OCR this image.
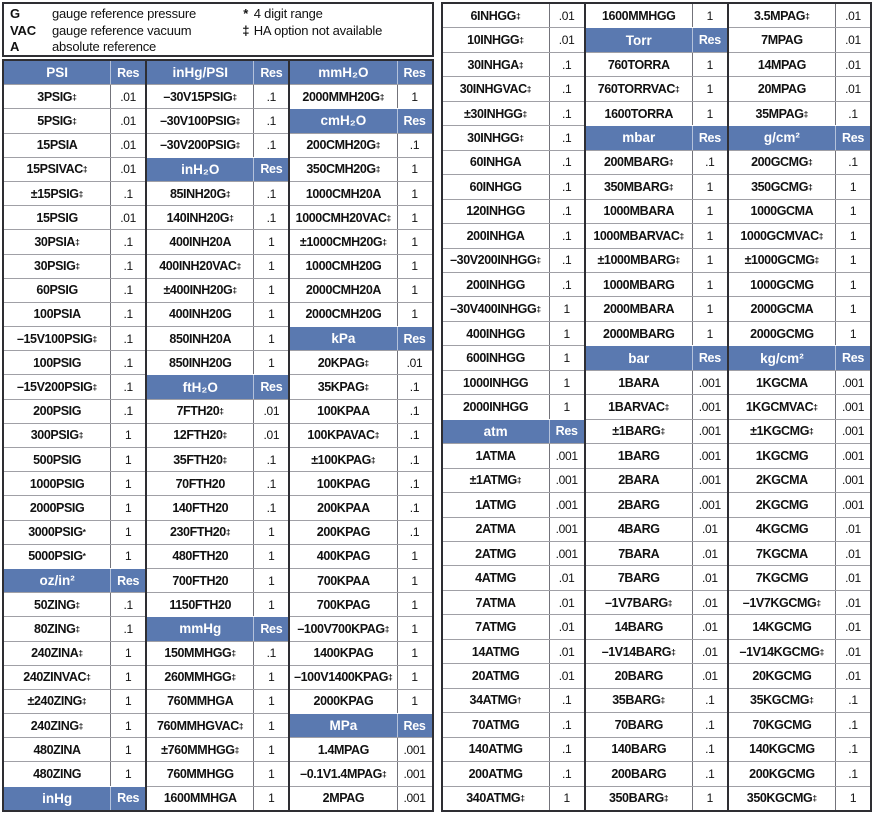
G	gauge reference pressure
VAC	gauge reference vacuum
A	absolute reference
* 4 digit range
‡ HA option not available
PSI	Res
3PSIG ‡	.01
5PSIG ‡	.01
15PSIA	.01
15PSIVAC ‡	.01
±15PSIG ‡	.1
15PSIG	.01
30PSIA ‡	.1
30PSIG ‡	.1
60PSIG	.1
100PSIA	.1
–15V100PSIG ‡	.1
100PSIG	.1
–15V200PSIG ‡	.1
200PSIG	.1
300PSIG ‡	1
500PSIG	1
1000PSIG	1
2000PSIG	1
3000PSIG *	1
5000PSIG *	1
oz/in²	Res
50ZING ‡	.1
80ZING ‡	.1
240ZINA ‡	1
240ZINVAC ‡	1
±240ZING ‡	1
240ZING ‡	1
480ZINA	1
480ZING	1
inHg	Res
inHg/PSI	Res
–30V15PSIG ‡	.1
–30V100PSIG ‡	.1
–30V200PSIG ‡	.1
inH₂O	Res
85INH20G ‡	.1
140INH20G ‡	.1
400INH20A	1
400INH20VAC ‡	1
±400INH20G ‡	1
400INH20G	1
850INH20A	1
850INH20G	1
ftH₂O	Res
7FTH20 ‡	.01
12FTH20 ‡	.01
35FTH20 ‡	.1
70FTH20	.1
140FTH20	.1
230FTH20 ‡	1
480FTH20	1
700FTH20	1
1150FTH20	1
mmHg	Res
150MMHGG ‡	.1
260MMHGG ‡	1
760MMHGA	1
760MMHGVAC ‡	1
±760MMHGG ‡	1
760MMHGG	1
1600MMHGA	1
mmH₂O	Res
2000MMH20G ‡	1
cmH₂O	Res
200CMH20G ‡	.1
350CMH20G ‡	1
1000CMH20A	1
1000CMH20VAC ‡	1
±1000CMH20G ‡	1
1000CMH20G	1
2000CMH20A	1
2000CMH20G	1
kPa	Res
20KPAG ‡	.01
35KPAG ‡	.1
100KPAA	.1
100KPAVAC ‡	.1
±100KPAG ‡	.1
100KPAG	.1
200KPAA	.1
200KPAG	.1
400KPAG	1
700KPAA	1
700KPAG	1
–100V700KPAG ‡	1
1400KPAG	1
–100V1400KPAG ‡	1
2000KPAG	1
MPa	Res
1.4MPAG	.001
–0.1V1.4MPAG ‡	.001
2MPAG	.001
6INHGG ‡	.01
10INHGG ‡	.01
30INHGA ‡	.1
30INHGVAC ‡	.1
±30INHGG ‡	.1
30INHGG ‡	.1
60INHGA	.1
60INHGG	.1
120INHGG	.1
200INHGA	.1
–30V200INHGG ‡	.1
200INHGG	.1
–30V400INHGG ‡	1
400INHGG	1
600INHGG	1
1000INHGG	1
2000INHGG	1
atm	Res
1ATMA	.001
±1ATMG ‡	.001
1ATMG	.001
2ATMA	.001
2ATMG	.001
4ATMG	.01
7ATMA	.01
7ATMG	.01
14ATMG	.01
20ATMG	.01
34ATMG †	.1
70ATMG	.1
140ATMG	.1
200ATMG	.1
340ATMG ‡	1
1600MMHGG	1
Torr	Res
760TORRA	1
760TORRVAC ‡	1
1600TORRA	1
mbar	Res
200MBARG ‡	.1
350MBARG ‡	1
1000MBARA	1
1000MBARVAC ‡	1
±1000MBARG ‡	1
1000MBARG	1
2000MBARA	1
2000MBARG	1
bar	Res
1BARA	.001
1BARVAC ‡	.001
±1BARG ‡	.001
1BARG	.001
2BARA	.001
2BARG	.001
4BARG	.01
7BARA	.01
7BARG	.01
–1V7BARG ‡	.01
14BARG	.01
–1V14BARG ‡	.01
20BARG	.01
35BARG ‡	.1
70BARG	.1
140BARG	.1
200BARG	.1
350BARG ‡	1
3.5MPAG ‡	.01
7MPAG	.01
14MPAG	.01
20MPAG	.01
35MPAG ‡	.1
g/cm²	Res
200GCMG ‡	.1
350GCMG ‡	1
1000GCMA	1
1000GCMVAC ‡	1
±1000GCMG ‡	1
1000GCMG	1
2000GCMA	1
2000GCMG	1
kg/cm²	Res
1KGCMA	.001
1KGCMVAC ‡	.001
±1KGCMG ‡	.001
1KGCMG	.001
2KGCMA	.001
2KGCMG	.001
4KGCMG	.01
7KGCMA	.01
7KGCMG	.01
–1V7KGCMG ‡	.01
14KGCMG	.01
–1V14KGCMG ‡	.01
20KGCMG	.01
35KGCMG ‡	.1
70KGCMG	.1
140KGCMG	.1
200KGCMG	.1
350KGCMG ‡	1
